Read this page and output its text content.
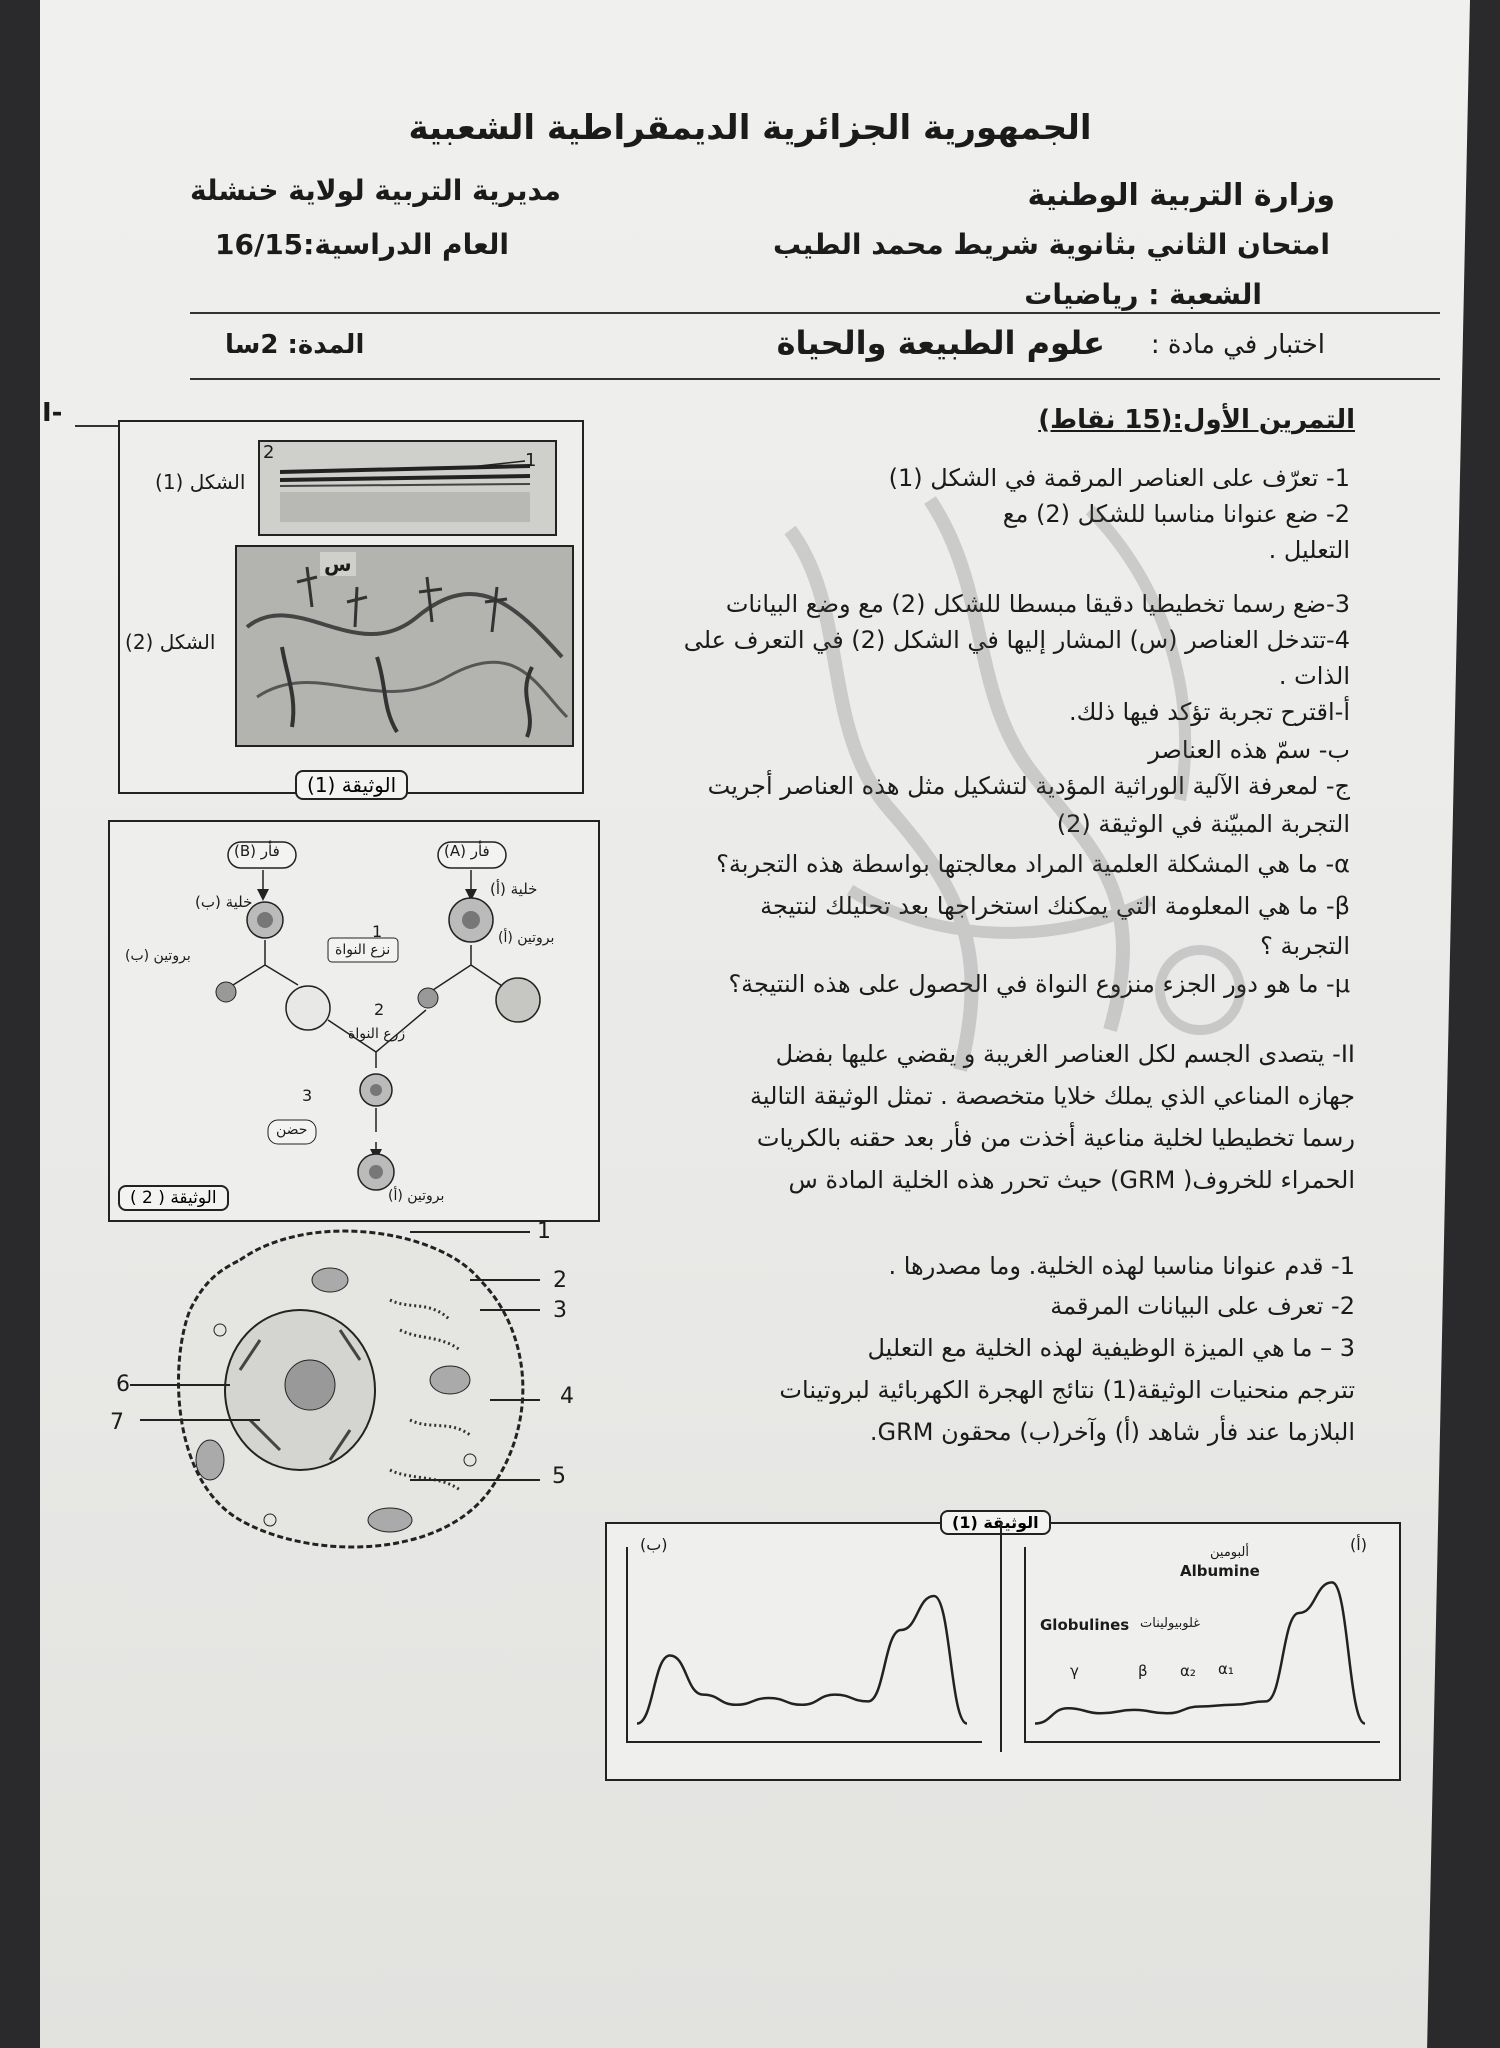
الجمهورية الجزائرية الديمقراطية الشعبية
وزارة التربية الوطنية
مديرية التربية لولاية خنشلة
امتحان الثاني بثانوية شريط محمد الطيب
العام الدراسية:16/15
الشعبة : رياضيات
اختبار في مادة :
علوم الطبيعة والحياة
المدة: 2سا
I-	التمرين الأول:(15 نقاط)
1- تعرّف على العناصر المرقمة في الشكل (1)
2- ضع عنوانا مناسبا للشكل (2) مع
التعليل .
3-ضع رسما تخطيطيا دقيقا مبسطا للشكل (2) مع وضع البيانات
4-تتدخل العناصر (س) المشار إليها في الشكل (2) في التعرف على
الذات .
أ-اقترح تجربة تؤكد فيها ذلك.
ب- سمّ هذه العناصر
ج- لمعرفة الآلية الوراثية المؤدية لتشكيل مثل هذه العناصر أجريت
التجربة المبيّنة في الوثيقة (2)
α- ما هي المشكلة العلمية المراد معالجتها بواسطة هذه التجربة؟
β- ما هي المعلومة التي يمكنك استخراجها بعد تحليلك لنتيجة
التجربة ؟
μ- ما هو دور الجزء منزوع النواة في الحصول على هذه النتيجة؟
II- يتصدى الجسم لكل العناصر الغريبة و يقضي عليها بفضل
جهازه المناعي الذي يملك خلايا متخصصة . تمثل الوثيقة التالية
رسما تخطيطيا لخلية مناعية أخذت من فأر بعد حقنه بالكريات
الحمراء للخروف( GRM) حيث تحرر هذه الخلية المادة س
1- قدم عنوانا مناسبا لهذه الخلية. وما مصدرها .
2- تعرف على البيانات المرقمة
3 – ما هي الميزة الوظيفية لهذه الخلية مع التعليل
تترجم منحنيات الوثيقة(1) نتائج الهجرة الكهربائية لبروتينات
البلازما عند فأر شاهد (أ) وآخر(ب) محقون GRM.
2	1
الشكل (1)
س
الشكل (2)
الوثيقة (1)
فأر (B)	فأر (A)
خلية (ب)
خلية (أ)
بروتين (ب)
بروتين (أ)
1
نزع النواة
2
زرع النواة
3
حضن
بروتين (أ)
الوثيقة ( 2 )
1
2
3
4
5
6
7
الوثيقة (1)
(ب)	(أ)
ألبومين
Albumine
Globulines غلوبيولينات
γ	β α₂ α₁
